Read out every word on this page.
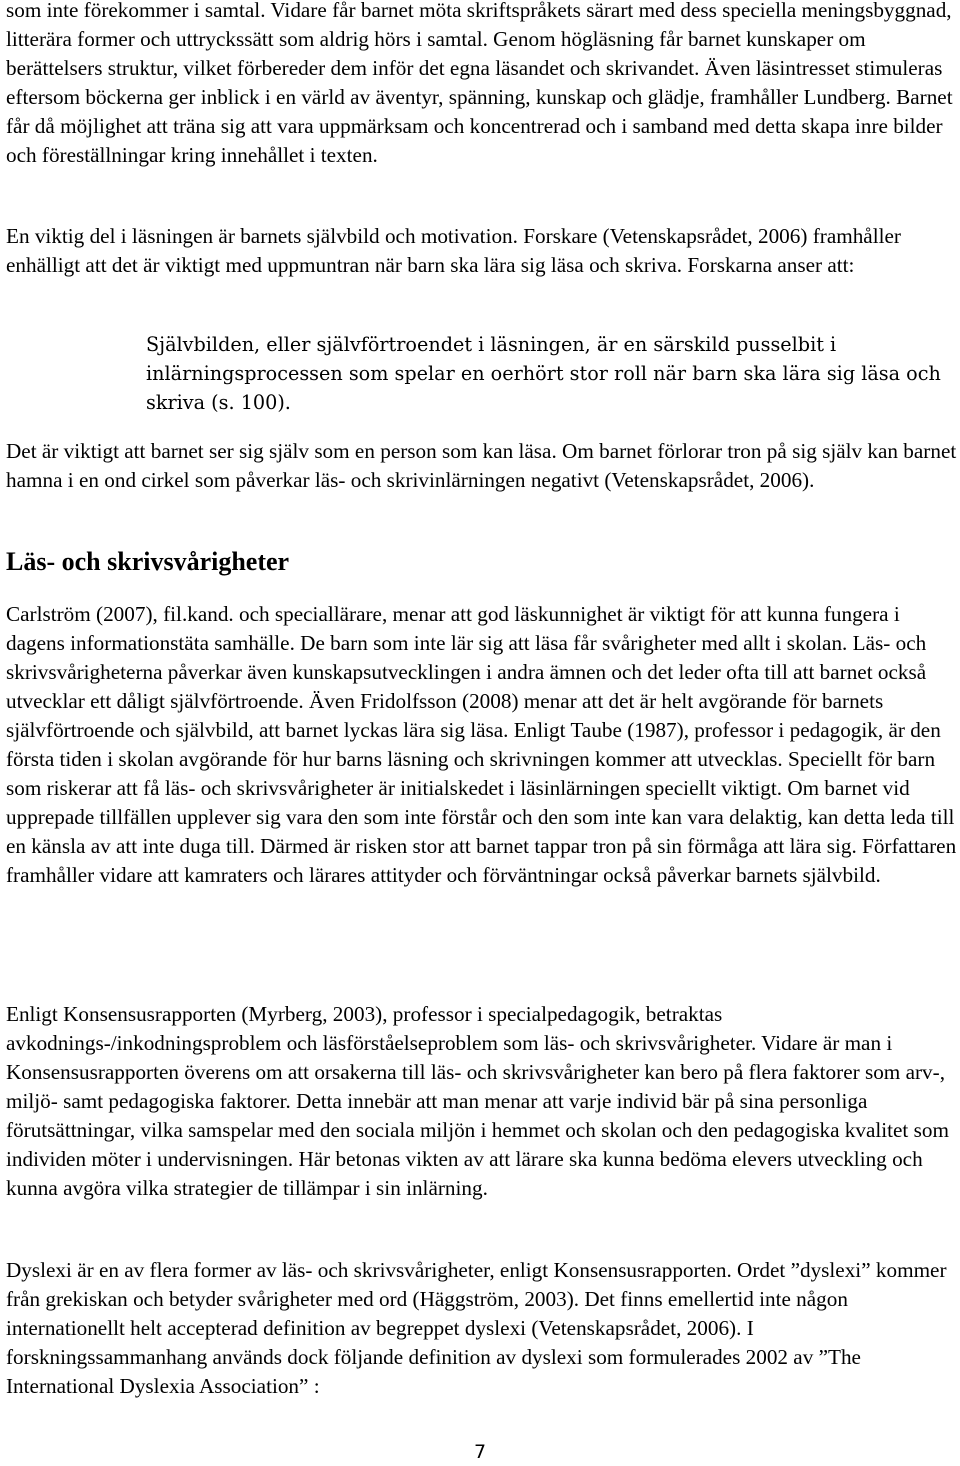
som inte förekommer i samtal. Vidare får barnet möta skriftspråkets särart med dess speciella meningsbyggnad, litterära former och uttryckssätt som aldrig hörs i samtal. Genom högläsning får barnet kunskaper om berättelsers struktur, vilket förbereder dem inför det egna läsandet och skrivandet. Även läsintresset stimuleras eftersom böckerna ger inblick i en värld av äventyr, spänning, kunskap och glädje, framhåller Lundberg. Barnet får då möjlighet att träna sig att vara uppmärksam och koncentrerad och i samband med detta skapa inre bilder och föreställningar kring innehållet i texten.

En viktig del i läsningen är barnets självbild och motivation. Forskare (Vetenskapsrådet, 2006) framhåller enhälligt att det är viktigt med uppmuntran när barn ska lära sig läsa och skriva. Forskarna anser att:

Självbilden, eller självförtroendet i läsningen, är en särskild pusselbit i inlärningsprocessen som spelar en oerhört stor roll när barn ska lära sig läsa och skriva (s. 100).

Det är viktigt att barnet ser sig själv som en person som kan läsa. Om barnet förlorar tron på sig själv kan barnet hamna i en ond cirkel som påverkar läs- och skrivinlärningen negativt (Vetenskapsrådet, 2006).

Läs- och skrivsvårigheter

Carlström (2007), fil.kand. och speciallärare, menar att god läskunnighet är viktigt för att kunna fungera i dagens informationstäta samhälle. De barn som inte lär sig att läsa får svårigheter med allt i skolan. Läs- och skrivsvårigheterna påverkar även kunskapsutvecklingen i andra ämnen och det leder ofta till att barnet också utvecklar ett dåligt självförtroende. Även Fridolfsson (2008) menar att det är helt avgörande för barnets självförtroende och självbild, att barnet lyckas lära sig läsa. Enligt Taube (1987), professor i pedagogik, är den första tiden i skolan avgörande för hur barns läsning och skrivningen kommer att utvecklas. Speciellt för barn som riskerar att få läs- och skrivsvårigheter är initialskedet i läsinlärningen speciellt viktigt. Om barnet vid upprepade tillfällen upplever sig vara den som inte förstår och den som inte kan vara delaktig, kan detta leda till en känsla av att inte duga till. Därmed är risken stor att barnet tappar tron på sin förmåga att lära sig. Författaren framhåller vidare att kamraters och lärares attityder och förväntningar också påverkar barnets självbild.

Enligt Konsensusrapporten (Myrberg, 2003), professor i specialpedagogik, betraktas avkodnings-/inkodningsproblem och läsförståelseproblem som läs- och skrivsvårigheter. Vidare är man i Konsensusrapporten överens om att orsakerna till läs- och skrivsvårigheter kan bero på flera faktorer som arv-, miljö- samt pedagogiska faktorer. Detta innebär att man menar att varje individ bär på sina personliga förutsättningar, vilka samspelar med den sociala miljön i hemmet och skolan och den pedagogiska kvalitet som individen möter i undervisningen. Här betonas vikten av att lärare ska kunna bedöma elevers utveckling och kunna avgöra vilka strategier de tillämpar i sin inlärning.

Dyslexi är en av flera former av läs- och skrivsvårigheter, enligt Konsensusrapporten. Ordet ”dyslexi” kommer från grekiskan och betyder svårigheter med ord (Häggström, 2003). Det finns emellertid inte någon internationellt helt accepterad definition av begreppet dyslexi (Vetenskapsrådet, 2006). I forskningssammanhang används dock följande definition av dyslexi som formulerades 2002 av ”The International Dyslexia Association” :

7
